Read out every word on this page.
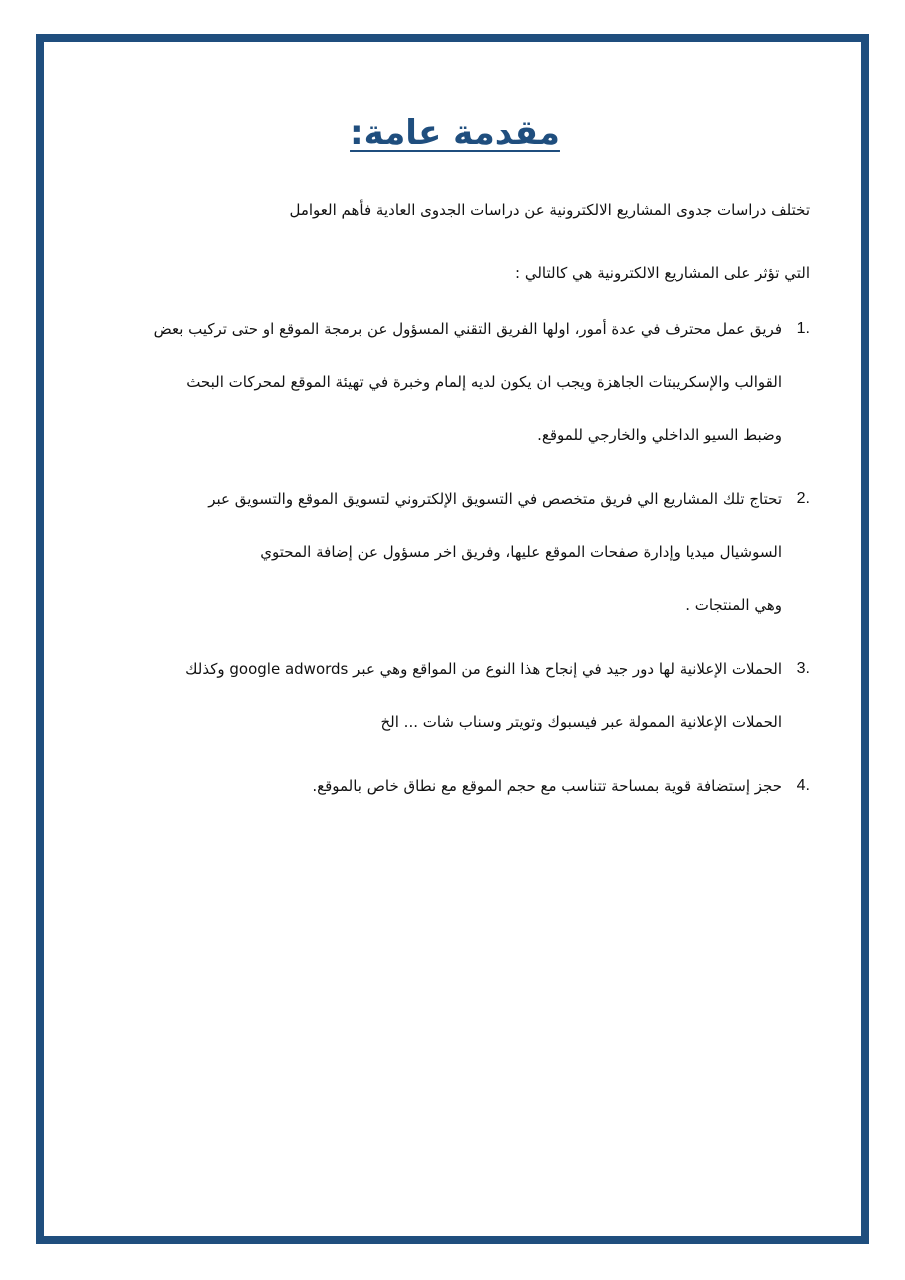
مقدمة عامة:

تختلف دراسات جدوى المشاريع الالكترونية عن دراسات الجدوى العادية فأهم العوامل

التي تؤثر على المشاريع الالكترونية هي كالتالي :

1.
فريق عمل محترف في عدة أمور، اولها الفريق التقني المسؤول عن برمجة الموقع او حتى تركيب بعض
القوالب والإسكريبتات الجاهزة ويجب ان يكون لديه إلمام وخبرة في تهيئة الموقع لمحركات البحث
وضبط السيو الداخلي والخارجي للموقع.
2.
تحتاج تلك المشاريع الي فريق متخصص في التسويق الإلكتروني لتسويق الموقع والتسويق عبر
السوشيال ميديا وإدارة صفحات الموقع عليها، وفريق اخر مسؤول عن إضافة المحتوي
وهي المنتجات .
3.
الحملات الإعلانية لها دور جيد في إنجاح هذا النوع من المواقع وهي عبر google adwords وكذلك
الحملات الإعلانية الممولة عبر فيسبوك وتويتر وسناب شات ... الخ
4.
حجز إستضافة قوية بمساحة تتناسب مع حجم الموقع مع نطاق خاص بالموقع.
